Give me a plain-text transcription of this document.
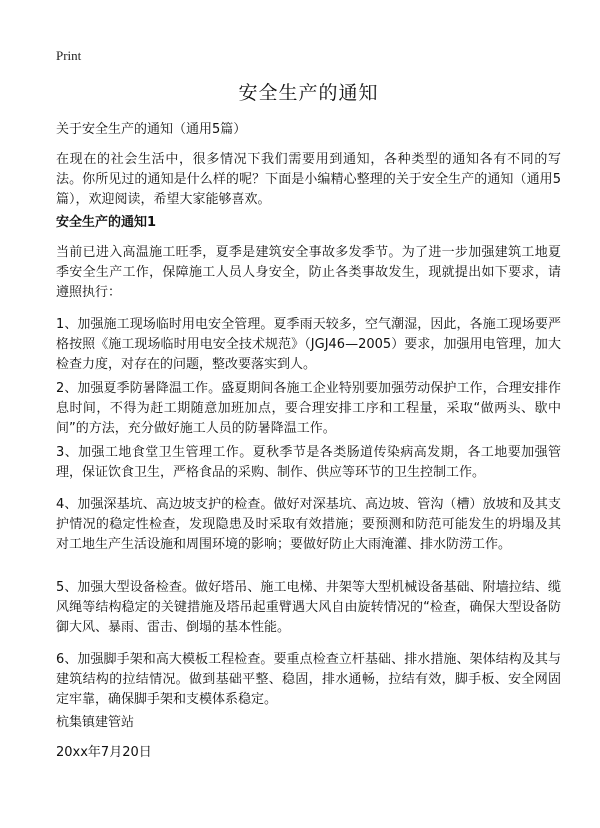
Print
安全生产的通知

关于安全生产的通知（通用5篇）

在现在的社会生活中，很多情况下我们需要用到通知，各种类型的通知各有不同的写法。你所见过的通知是什么样的呢？下面是小编精心整理的关于安全生产的通知（通用5篇），欢迎阅读，希望大家能够喜欢。

安全生产的通知1

当前已进入高温施工旺季，夏季是建筑安全事故多发季节。为了进一步加强建筑工地夏季安全生产工作，保障施工人员人身安全，防止各类事故发生，现就提出如下要求，请遵照执行：

1、加强施工现场临时用电安全管理。夏季雨天较多，空气潮湿，因此，各施工现场要严格按照《施工现场临时用电安全技术规范》（JGJ46—2005）要求，加强用电管理，加大检查力度，对存在的问题，整改要落实到人。

2、加强夏季防暑降温工作。盛夏期间各施工企业特别要加强劳动保护工作，合理安排作息时间，不得为赶工期随意加班加点，要合理安排工序和工程量，采取“做两头、歇中间”的方法，充分做好施工人员的防暑降温工作。

3、加强工地食堂卫生管理工作。夏秋季节是各类肠道传染病高发期，各工地要加强管理，保证饮食卫生，严格食品的采购、制作、供应等环节的卫生控制工作。

4、加强深基坑、高边坡支护的检查。做好对深基坑、高边坡、管沟（槽）放坡和及其支护情况的稳定性检查，发现隐患及时采取有效措施；要预测和防范可能发生的坍塌及其对工地生产生活设施和周围环境的影响；要做好防止大雨淹灌、排水防涝工作。

5、加强大型设备检查。做好塔吊、施工电梯、井架等大型机械设备基础、附墙拉结、缆风绳等结构稳定的关键措施及塔吊起重臂遇大风自由旋转情况的“检查，确保大型设备防御大风、暴雨、雷击、倒塌的基本性能。

6、加强脚手架和高大模板工程检查。要重点检查立杆基础、排水措施、架体结构及其与建筑结构的拉结情况。做到基础平整、稳固，排水通畅，拉结有效，脚手板、安全网固定牢靠，确保脚手架和支模体系稳定。

杭集镇建管站

20xx年7月20日
